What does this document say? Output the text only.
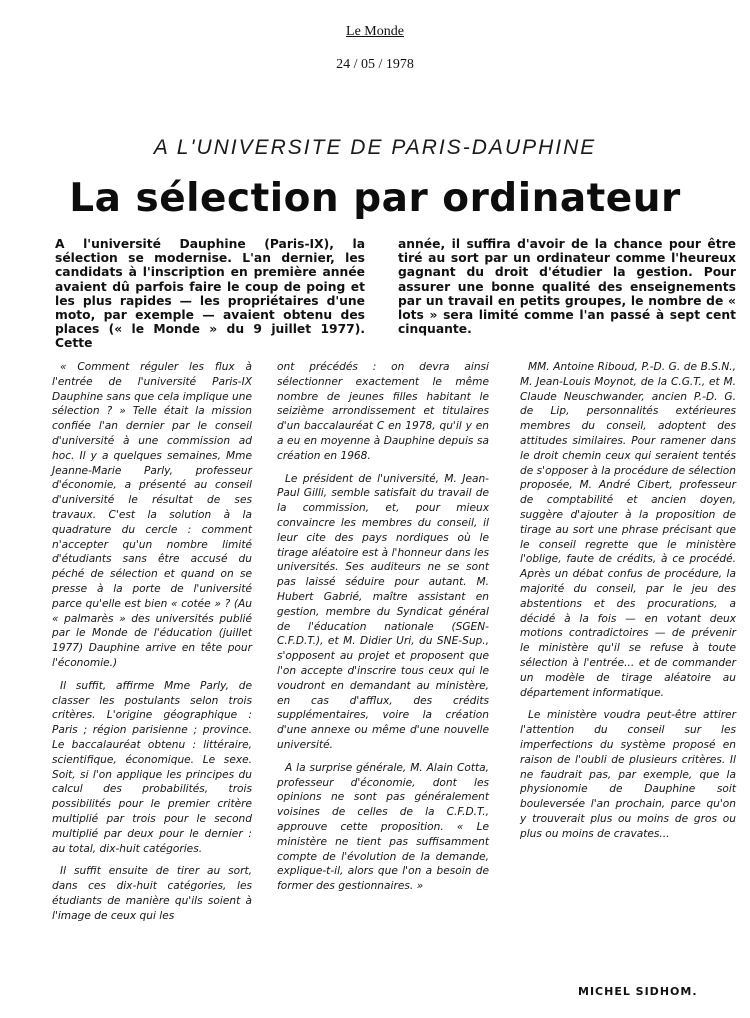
Le Monde
24 / 05 / 1978
A L'UNIVERSITE DE PARIS-DAUPHINE
La sélection par ordinateur
A l'université Dauphine (Paris-IX), la sélection se modernise. L'an dernier, les candidats à l'inscription en première année avaient dû parfois faire le coup de poing et les plus rapides — les propriétaires d'une moto, par exemple — avaient obtenu des places (« le Monde » du 9 juillet 1977). Cette
année, il suffira d'avoir de la chance pour être tiré au sort par un ordinateur comme l'heureux gagnant du droit d'étudier la gestion. Pour assurer une bonne qualité des enseignements par un travail en petits groupes, le nombre de « lots » sera limité comme l'an passé à sept cent cinquante.

« Comment réguler les flux à l'entrée de l'université Paris-IX Dauphine sans que cela implique une sélection ? » Telle était la mission confiée l'an dernier par le conseil d'université à une commission ad hoc. Il y a quelques semaines, Mme Jeanne-Marie Parly, professeur d'économie, a présenté au conseil d'université le résultat de ses travaux. C'est la solution à la quadrature du cercle : comment n'accepter qu'un nombre limité d'étudiants sans être accusé du péché de sélection et quand on se presse à la porte de l'université parce qu'elle est bien « cotée » ? (Au « palmarès » des universités publié par le Monde de l'éducation (juillet 1977) Dauphine arrive en tête pour l'économie.)

Il suffit, affirme Mme Parly, de classer les postulants selon trois critères. L'origine géographique : Paris ; région parisienne ; province. Le baccalauréat obtenu : littéraire, scientifique, économique. Le sexe. Soit, si l'on applique les principes du calcul des probabilités, trois possibilités pour le premier critère multiplié par trois pour le second multiplié par deux pour le dernier : au total, dix-huit catégories.

Il suffit ensuite de tirer au sort, dans ces dix-huit catégories, les étudiants de manière qu'ils soient à l'image de ceux qui les

ont précédés : on devra ainsi sélectionner exactement le même nombre de jeunes filles habitant le seizième arrondissement et titulaires d'un baccalauréat C en 1978, qu'il y en a eu en moyenne à Dauphine depuis sa création en 1968.

Le président de l'université, M. Jean-Paul Gilli, semble satisfait du travail de la commission, et, pour mieux convaincre les membres du conseil, il leur cite des pays nordiques où le tirage aléatoire est à l'honneur dans les universités. Ses auditeurs ne se sont pas laissé séduire pour autant. M. Hubert Gabrié, maître assistant en gestion, membre du Syndicat général de l'éducation nationale (SGEN-C.F.D.T.), et M. Didier Uri, du SNE-Sup., s'opposent au projet et proposent que l'on accepte d'inscrire tous ceux qui le voudront en demandant au ministère, en cas d'afflux, des crédits supplémentaires, voire la création d'une annexe ou même d'une nouvelle université.

A la surprise générale, M. Alain Cotta, professeur d'économie, dont les opinions ne sont pas généralement voisines de celles de la C.F.D.T., approuve cette proposition. « Le ministère ne tient pas suffisamment compte de l'évolution de la demande, explique-t-il, alors que l'on a besoin de former des gestionnaires. »

MM. Antoine Riboud, P.-D. G. de B.S.N., M. Jean-Louis Moynot, de la C.G.T., et M. Claude Neuschwander, ancien P.-D. G. de Lip, personnalités extérieures membres du conseil, adoptent des attitudes similaires. Pour ramener dans le droit chemin ceux qui seraient tentés de s'opposer à la procédure de sélection proposée, M. André Cibert, professeur de comptabilité et ancien doyen, suggère d'ajouter à la proposition de tirage au sort une phrase précisant que le conseil regrette que le ministère l'oblige, faute de crédits, à ce procédé. Après un débat confus de procédure, la majorité du conseil, par le jeu des abstentions et des procurations, a décidé à la fois — en votant deux motions contradictoires — de prévenir le ministère qu'il se refuse à toute sélection à l'entrée... et de commander un modèle de tirage aléatoire au département informatique.

Le ministère voudra peut-être attirer l'attention du conseil sur les imperfections du système proposé en raison de l'oubli de plusieurs critères. Il ne faudrait pas, par exemple, que la physionomie de Dauphine soit bouleversée l'an prochain, parce qu'on y trouverait plus ou moins de gros ou plus ou moins de cravates...

MICHEL SIDHOM.
